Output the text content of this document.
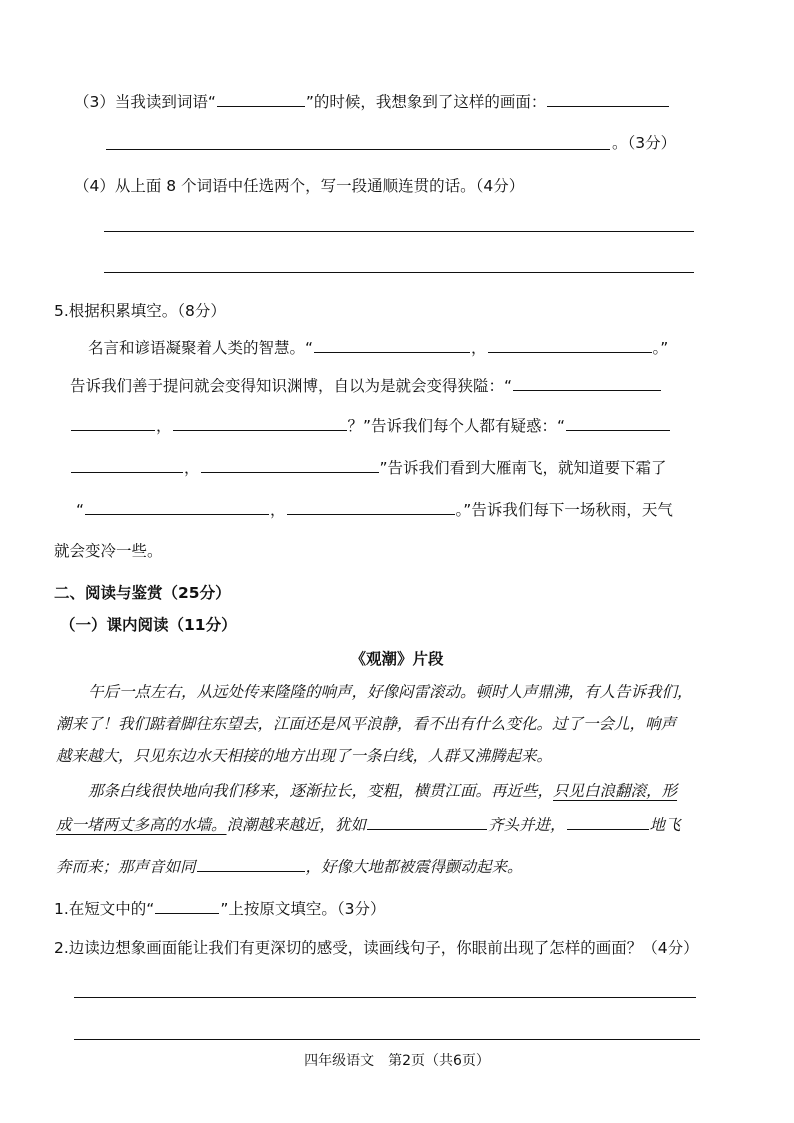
（3）当我读到词语“	”的时候，我想象到了这样的画面：
。（3分）
（4）从上面 8 个词语中任选两个，写一段通顺连贯的话。（4分）
5.根据积累填空。（8分）
名言和谚语凝聚着人类的智慧。“	，	。”
告诉我们善于提问就会变得知识渊博，自以为是就会变得狭隘：“
，	？”告诉我们每个人都有疑惑：“
，	”告诉我们看到大雁南飞，就知道要下霜了
“	，	。”告诉我们每下一场秋雨，天气
就会变冷一些。
二、阅读与鉴赏（25分）
（一）课内阅读（11分）
《观潮》片段
午后一点左右，从远处传来隆隆的响声，好像闷雷滚动。顿时人声鼎沸，有人告诉我们，
潮来了！我们踮着脚往东望去，江面还是风平浪静，看不出有什么变化。过了一会儿，响声
越来越大，只见东边水天相接的地方出现了一条白线，人群又沸腾起来。
那条白线很快地向我们移来，逐渐拉长，变粗，横贯江面。再近些，只见白浪翻滚，形
成一堵两丈多高的水墙。浪潮越来越近，犹如	齐头并进，	地飞
奔而来；那声音如同	，好像大地都被震得颤动起来。
1.在短文中的“	”上按原文填空。（3分）
2.边读边想象画面能让我们有更深切的感受，读画线句子，你眼前出现了怎样的画面？（4分）
四年级语文　第2页（共6页）
